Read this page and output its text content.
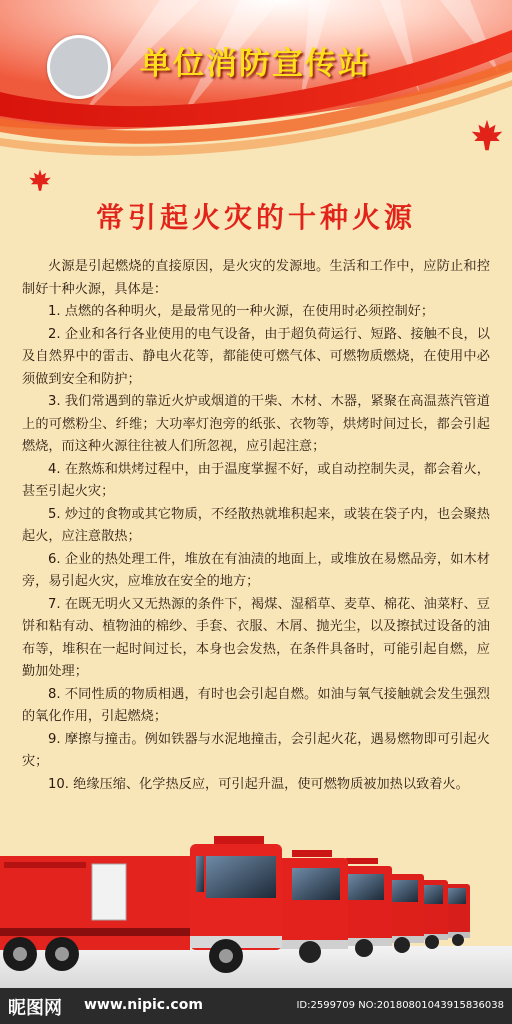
单位消防宣传站
常引起火灾的十种火源

火源是引起燃烧的直接原因，是火灾的发源地。生活和工作中，应防止和控制好十种火源，具体是：

1. 点燃的各种明火，是最常见的一种火源，在使用时必须控制好；

2. 企业和各行各业使用的电气设备，由于超负荷运行、短路、接触不良，以及自然界中的雷击、静电火花等，都能使可燃气体、可燃物质燃烧，在使用中必须做到安全和防护；

3. 我们常遇到的靠近火炉或烟道的干柴、木材、木器，紧聚在高温蒸汽管道上的可燃粉尘、纤维；大功率灯泡旁的纸张、衣物等，烘烤时间过长，都会引起燃烧，而这种火源往往被人们所忽视，应引起注意；

4. 在熬炼和烘烤过程中，由于温度掌握不好，或自动控制失灵，都会着火，甚至引起火灾；

5. 炒过的食物或其它物质，不经散热就堆积起来，或装在袋子内，也会聚热起火，应注意散热；

6. 企业的热处理工件，堆放在有油渍的地面上，或堆放在易燃品旁，如木材旁，易引起火灾，应堆放在安全的地方；

7. 在既无明火又无热源的条件下，褐煤、湿稻草、麦草、棉花、油菜籽、豆饼和粘有动、植物油的棉纱、手套、衣服、木屑、抛光尘，以及擦拭过设备的油布等，堆积在一起时间过长，本身也会发热，在条件具备时，可能引起自燃，应勤加处理；

8. 不同性质的物质相遇，有时也会引起自燃。如油与氧气接触就会发生强烈的氧化作用，引起燃烧；

9. 摩擦与撞击。例如铁器与水泥地撞击，会引起火花，遇易燃物即可引起火灾；

10. 绝缘压缩、化学热反应，可引起升温，使可燃物质被加热以致着火。

昵图网 www.nipic.com	ID:2599709 NO:20180801043915836038
